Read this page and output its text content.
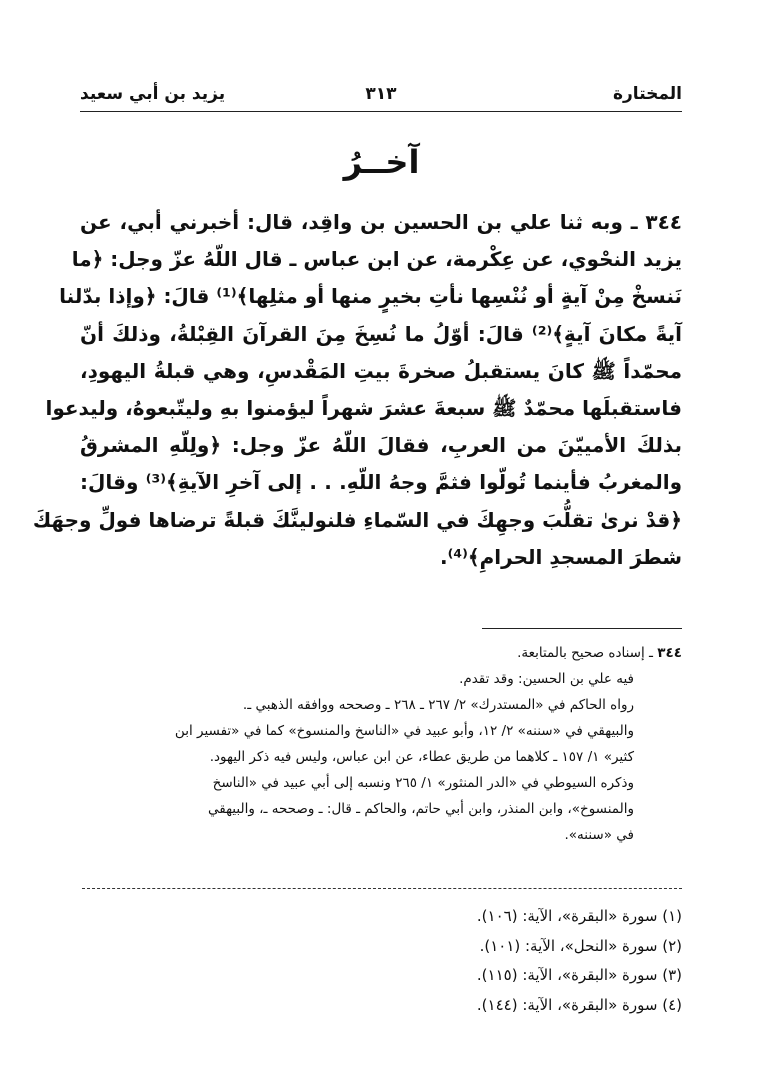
المختارة
٣١٣
يزيد بن أبي سعيد
آخــرُ
٣٤٤ ـ وبه ثنا علي بن الحسين بن واقِد، قال: أخبرني أبي، عن
يزيد النحْوي، عن عِكْرمة، عن ابن عباس ـ قال اللّهُ عزّ وجل: ﴿ما
نَنسخْ مِنْ آيةٍ أو نُنْسِها نأتِ بخيرٍ منها أو مثلِها﴾⁽¹⁾ قالَ: ﴿وإذا بدّلنا
آيةً مكانَ آيةٍ﴾⁽²⁾ قالَ: أوّلُ ما نُسِخَ مِنَ القرآنَ القِبْلةُ، وذلكَ أنّ
محمّداً ﷺ كانَ يستقبلُ صخرةَ بيتِ المَقْدسِ، وهي قبلةُ اليهودِ،
فاستقبلَها محمّدٌ ﷺ سبعةَ عشرَ شهراً ليؤمنوا بهِ وليتّبعوهُ، وليدعوا
بذلكَ الأمييّنَ من العربِ، فقالَ اللّهُ عزّ وجل: ﴿ولِلّهِ المشرقُ
والمغربُ فأينما تُولّوا فثمَّ وجهُ اللّهِ. . . إلى آخرِ الآيةِ﴾⁽³⁾ وقالَ:
﴿قدْ نرىٰ تقلُّبَ وجهِكَ في السّماءِ فلنولينَّكَ قبلةً ترضاها فولِّ وجهَكَ
شطرَ المسجدِ الحرامِ﴾⁽⁴⁾.
٣٤٤ ـ إسناده صحيح بالمتابعة.
فيه علي بن الحسين: وقد تقدم.
رواه الحاكم في «المستدرك» ٢/ ٢٦٧ ـ ٢٦٨ ـ وصححه ووافقه الذهبي ـ.
والبيهقي في «سننه» ٢/ ١٢، وأبو عبيد في «الناسخ والمنسوخ» كما في «تفسير ابن
كثير» ١/ ١٥٧ ـ كلاهما من طريق عطاء، عن ابن عباس، وليس فيه ذكر اليهود.
وذكره السيوطي في «الدر المنثور» ١/ ٢٦٥ ونسبه إلى أبي عبيد في «الناسخ
والمنسوخ»، وابن المنذر، وابن أبي حاتم، والحاكم ـ قال: ـ وصححه ـ، والبيهقي
في «سننه».
(١) سورة «البقرة»، الآية: (١٠٦).
(٢) سورة «النحل»، الآية: (١٠١).
(٣) سورة «البقرة»، الآية: (١١٥).
(٤) سورة «البقرة»، الآية: (١٤٤).
